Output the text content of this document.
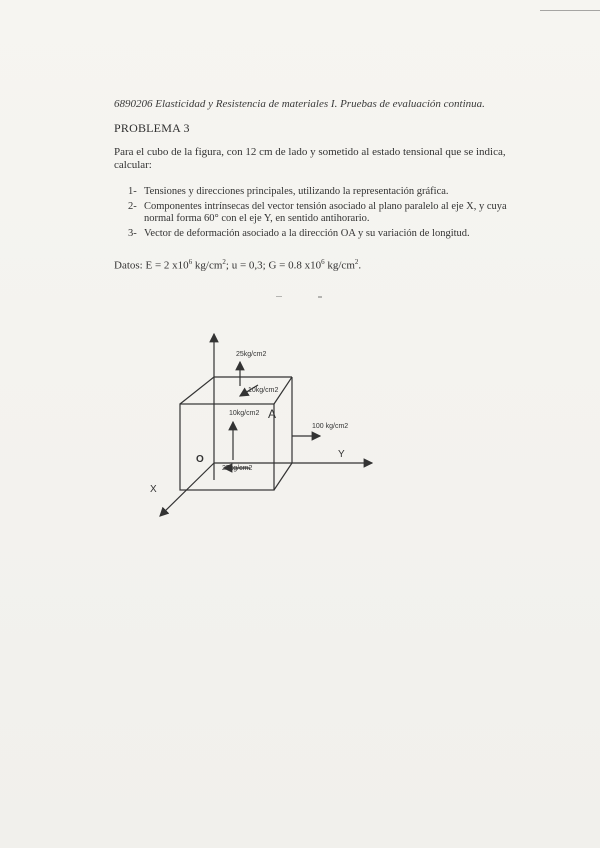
6890206 Elasticidad y Resistencia de materiales I. Pruebas de evaluación continua.
PROBLEMA 3
Para el cubo de la figura, con 12 cm de lado y sometido al estado tensional que se indica, calcular:
1- Tensiones y direcciones principales, utilizando la representación gráfica.
2- Componentes intrínsecas del vector tensión asociado al plano paralelo al eje X, y cuya normal forma 60° con el eje Y, en sentido antihorario.
3- Vector de deformación asociado a la dirección OA y su variación de longitud.
Datos: E = 2 $x10^6$ $kg/cm^2$; u = 0,3; G = 0.8 $x10^6$ $kg/cm^2$.
25kg/cm2
10kg/cm2
10kg/cm2 A
100 kg/cm2
Y
X
O
25kg/cm2
